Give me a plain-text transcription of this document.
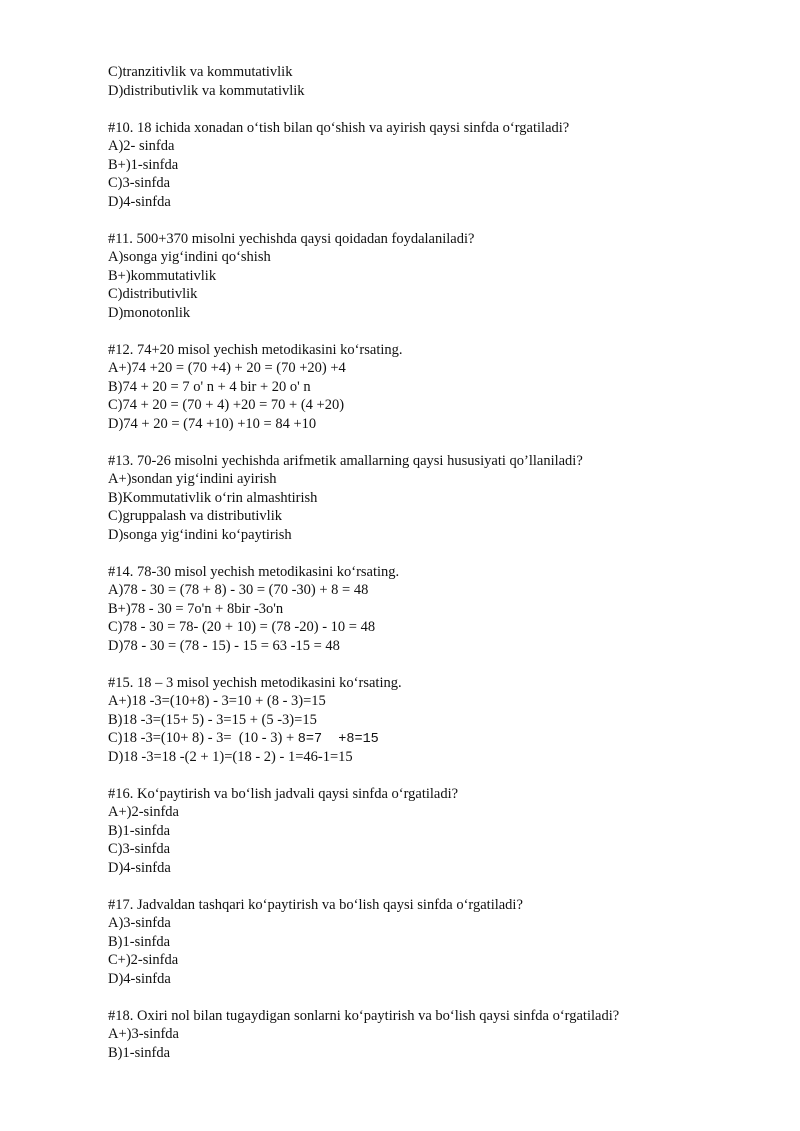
C)tranzitivlik va kommutativlik
D)distributivlik va kommutativlik
#10. 18 ichida xonadan o‘tish bilan qo‘shish va ayirish qaysi sinfda o‘rgatiladi?
A)2- sinfda
B+)1-sinfda
C)3-sinfda
D)4-sinfda
#11. 500+370 misolni yechishda qaysi qoidadan foydalaniladi?
A)songa yig‘indini qo‘shish
B+)kommutativlik
C)distributivlik
D)monotonlik
#12. 74+20 misol yechish metodikasini ko‘rsating.
A+)74 +20 = (70 +4) + 20 = (70 +20) +4
B)74 + 20 = 7 o' n + 4 bir + 20 o' n
C)74 + 20 = (70 + 4) +20 = 70 + (4 +20)
D)74 + 20 = (74 +10) +10 = 84 +10
#13. 70-26 misolni yechishda arifmetik amallarning qaysi hususiyati qo’llaniladi?
A+)sondan yig‘indini ayirish
B)Kommutativlik o‘rin almashtirish
C)gruppalash va distributivlik
D)songa yig‘indini ko‘paytirish
#14. 78-30 misol yechish metodikasini ko‘rsating.
A)78 - 30 = (78 + 8) - 30 = (70 -30) + 8 = 48
B+)78 - 30 = 7o'n + 8bir -3o'n
C)78 - 30 = 78- (20 + 10) = (78 -20) - 10 = 48
D)78 - 30 = (78 - 15) - 15 = 63 -15 = 48
#15. 18 – 3 misol yechish metodikasini ko‘rsating.
A+)18 -3=(10+8) - 3=10 + (8 - 3)=15
B)18 -3=(15+ 5) - 3=15 + (5 -3)=15
C)18 -3=(10+ 8) - 3=  (10 - 3) + 8=7  +8=15
D)18 -3=18 -(2 + 1)=(18 - 2) - 1=46-1=15
#16. Ko‘paytirish va bo‘lish jadvali qaysi sinfda o‘rgatiladi?
A+)2-sinfda
B)1-sinfda
C)3-sinfda
D)4-sinfda
#17. Jadvaldan tashqari ko‘paytirish va bo‘lish qaysi sinfda o‘rgatiladi?
A)3-sinfda
B)1-sinfda
C+)2-sinfda
D)4-sinfda
#18. Oxiri nol bilan tugaydigan sonlarni ko‘paytirish va bo‘lish qaysi sinfda o‘rgatiladi?
A+)3-sinfda
B)1-sinfda
